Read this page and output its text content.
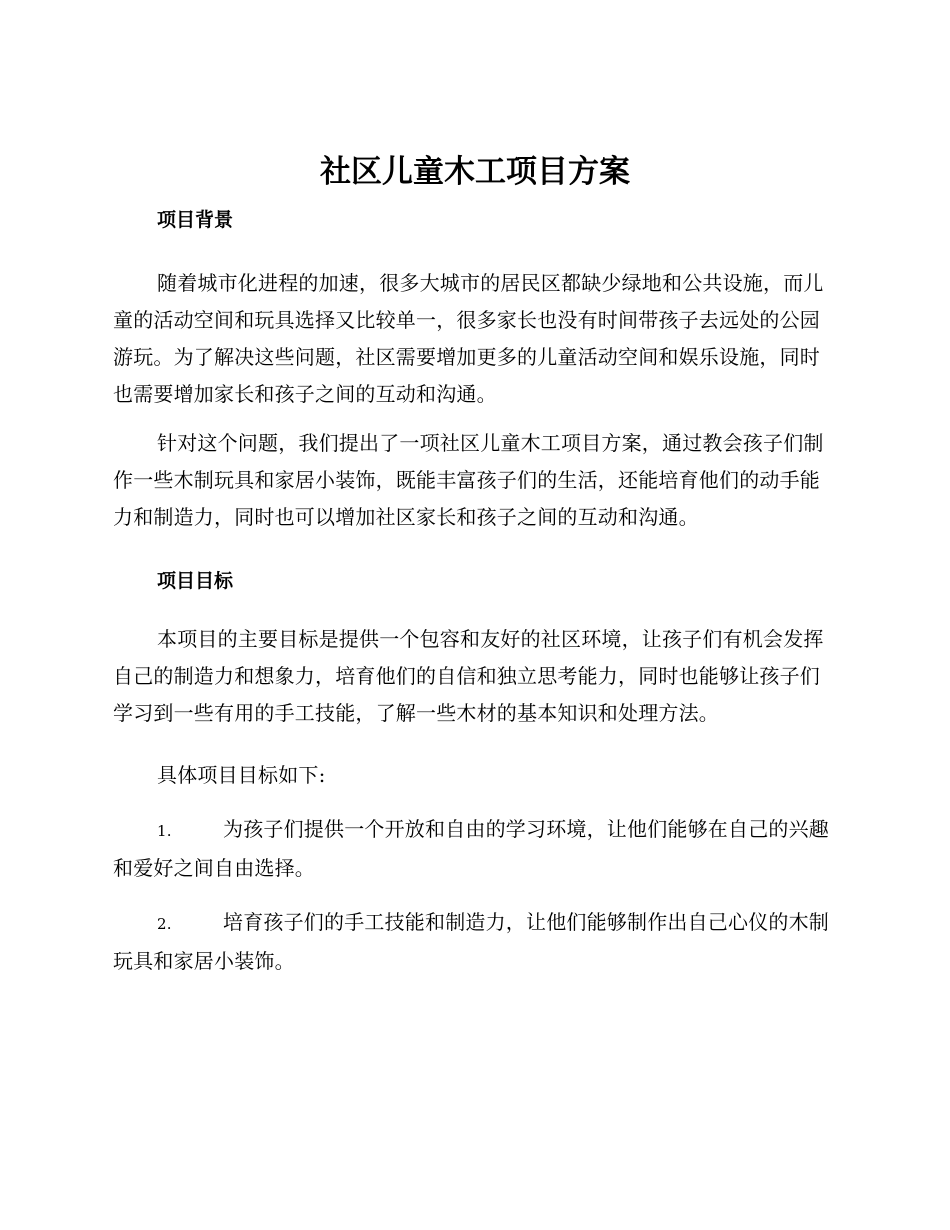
社区儿童木工项目方案
项目背景

随着城市化进程的加速，很多大城市的居民区都缺少绿地和公共设施，而儿童的活动空间和玩具选择又比较单一，很多家长也没有时间带孩子去远处的公园游玩。为了解决这些问题，社区需要增加更多的儿童活动空间和娱乐设施，同时也需要增加家长和孩子之间的互动和沟通。

针对这个问题，我们提出了一项社区儿童木工项目方案，通过教会孩子们制作一些木制玩具和家居小装饰，既能丰富孩子们的生活，还能培育他们的动手能力和制造力，同时也可以增加社区家长和孩子之间的互动和沟通。

项目目标

本项目的主要目标是提供一个包容和友好的社区环境，让孩子们有机会发挥自己的制造力和想象力，培育他们的自信和独立思考能力，同时也能够让孩子们学习到一些有用的手工技能，了解一些木材的基本知识和处理方法。

具体项目目标如下:

1.	为孩子们提供一个开放和自由的学习环境，让他们能够在自己的兴趣和爱好之间自由选择。

2.	培育孩子们的手工技能和制造力，让他们能够制作出自己心仪的木制玩具和家居小装饰。
